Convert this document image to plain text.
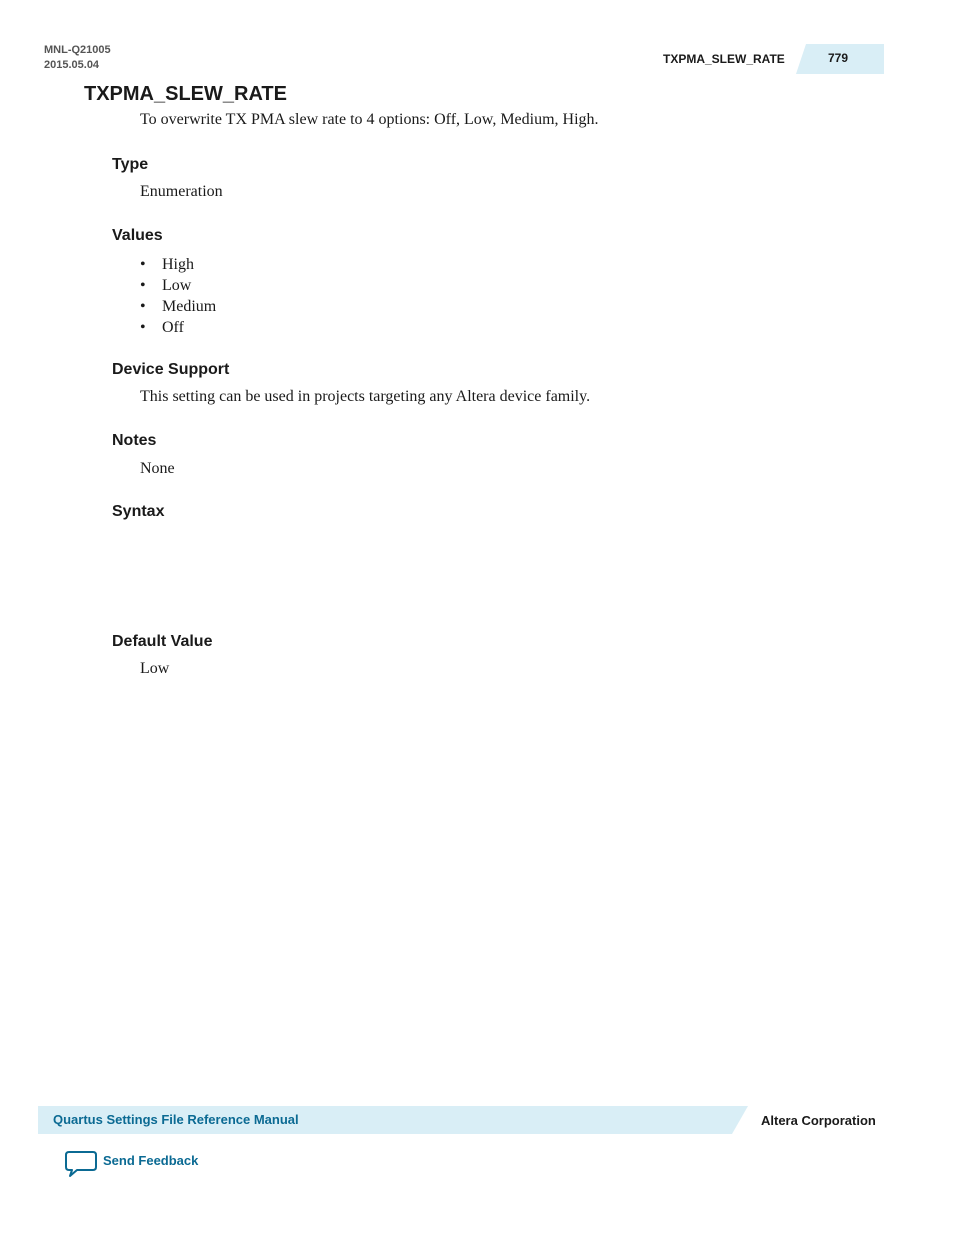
MNL-Q21005
2015.05.04	TXPMA_SLEW_RATE	779
TXPMA_SLEW_RATE
To overwrite TX PMA slew rate to 4 options: Off, Low, Medium, High.
Type
Enumeration
Values
• High
• Low
• Medium
• Off
Device Support
This setting can be used in projects targeting any Altera device family.
Notes
None
Syntax
Default Value
Low
Quartus Settings File Reference Manual	Altera Corporation
Send Feedback
